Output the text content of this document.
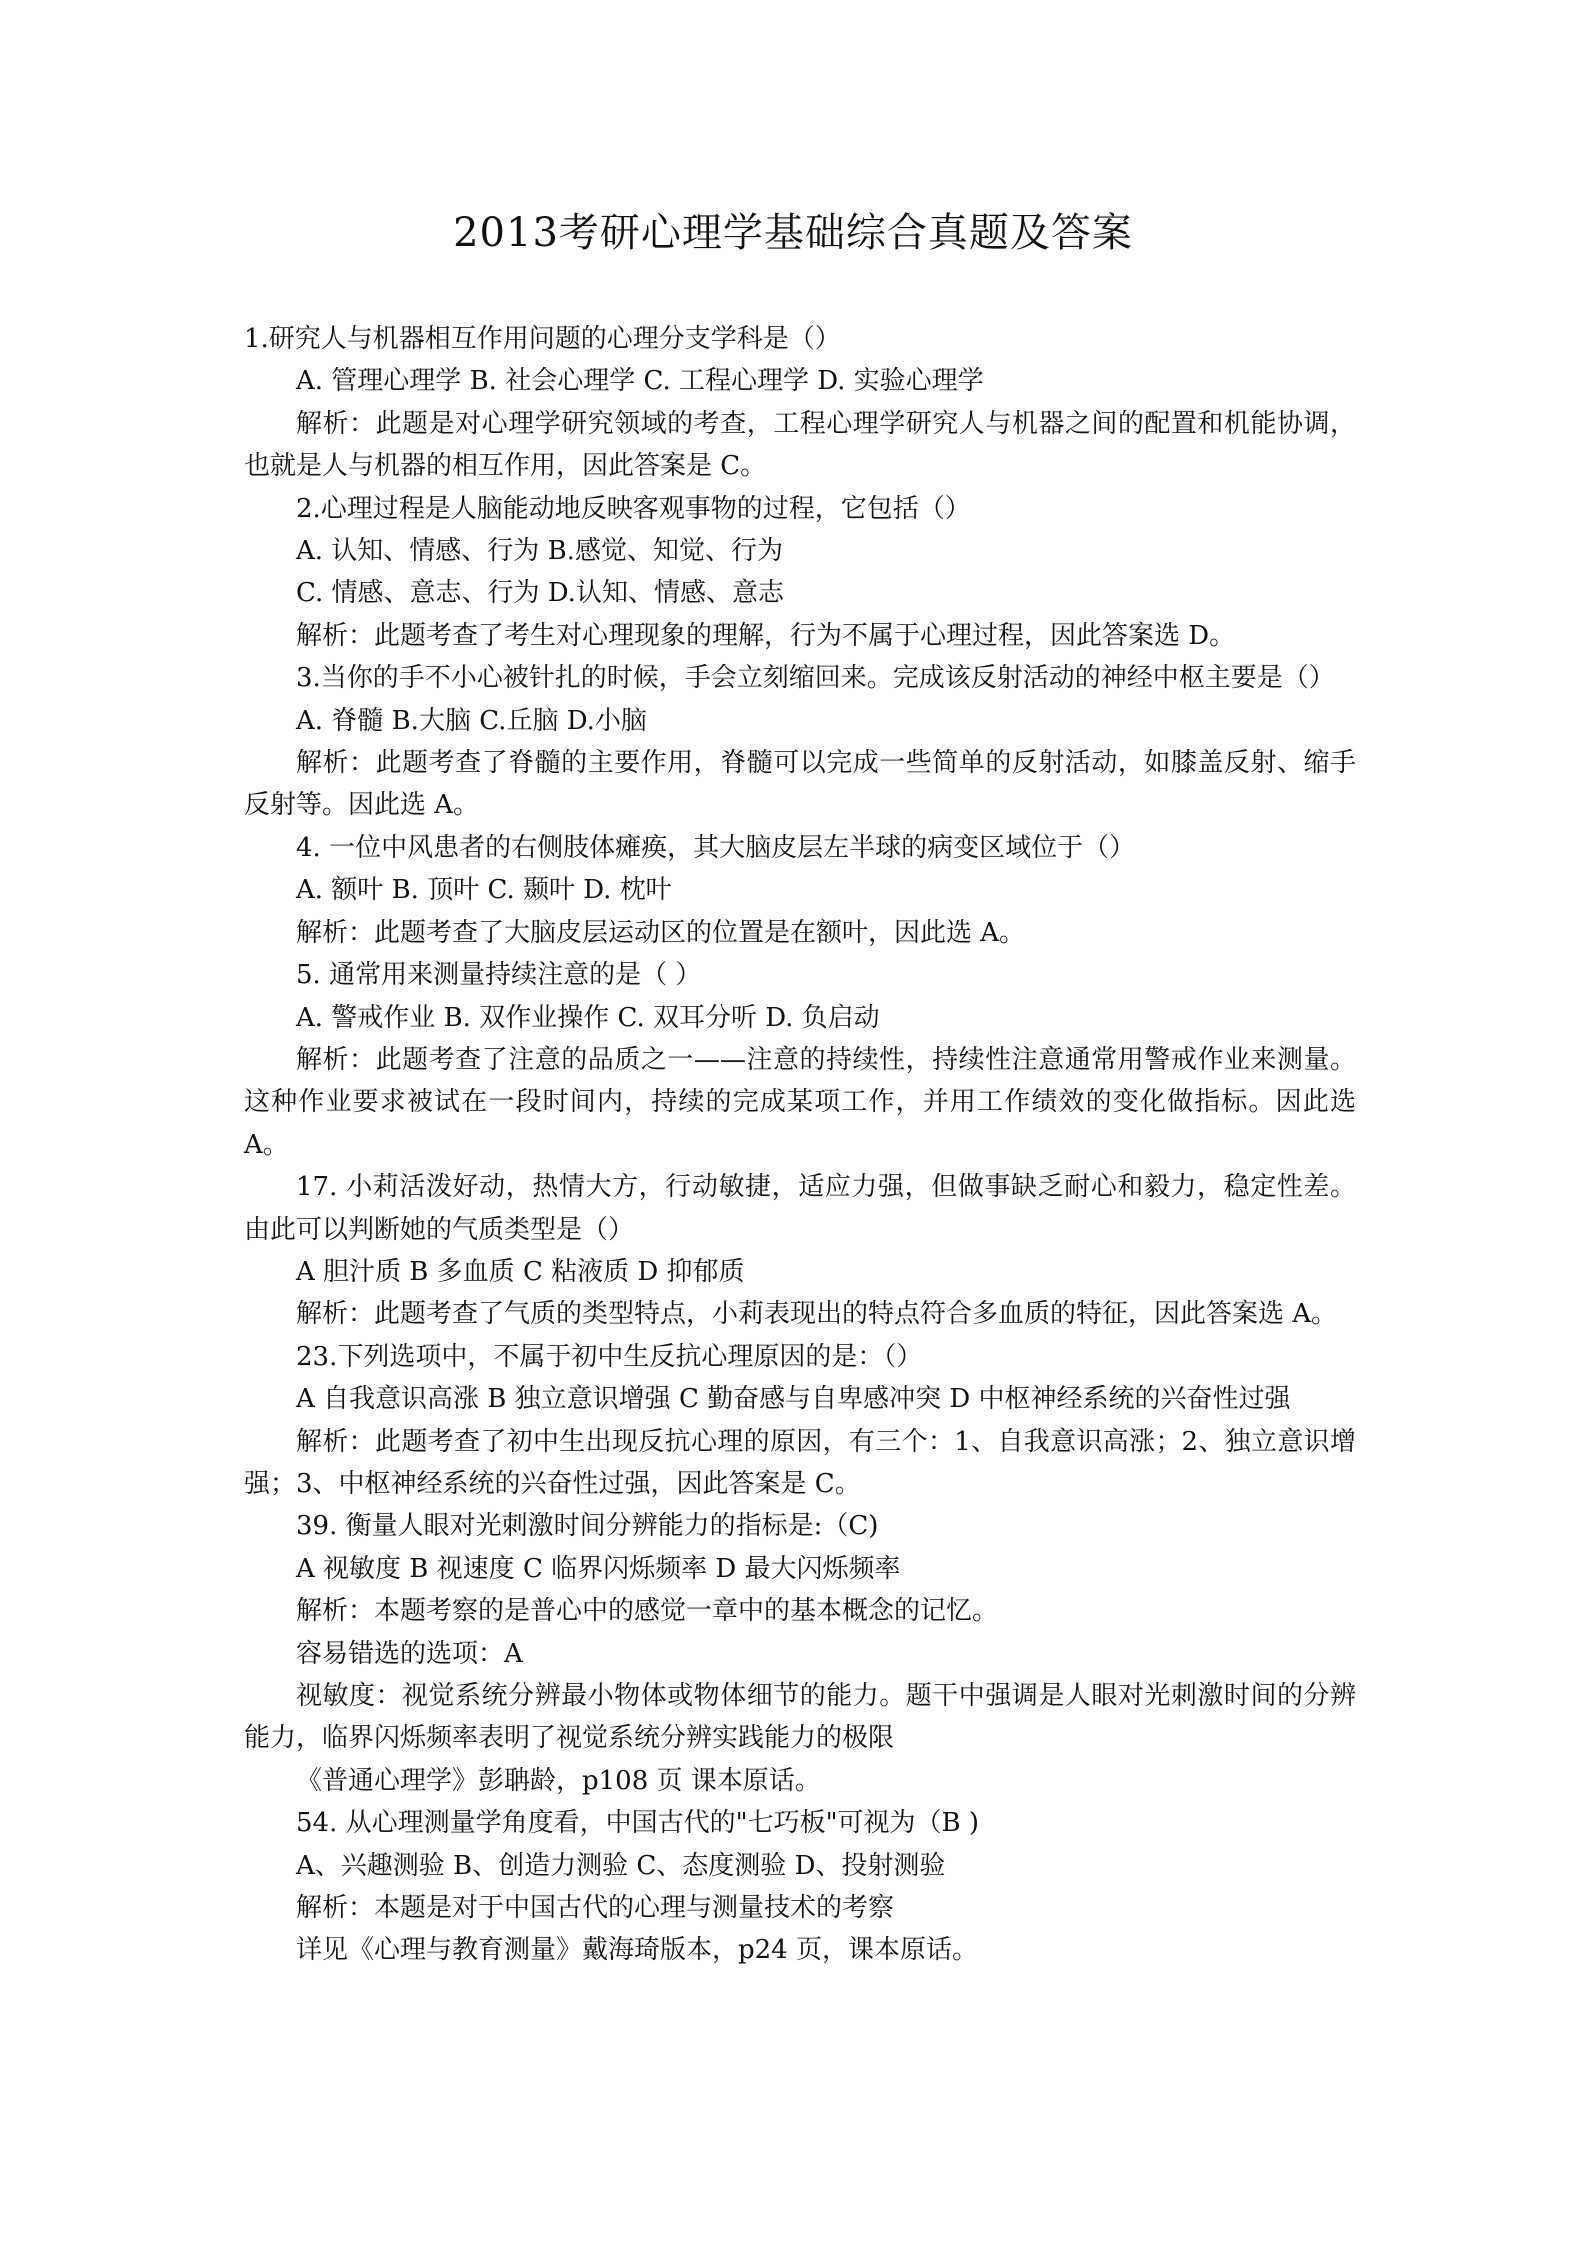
2013考研心理学基础综合真题及答案

1.研究人与机器相互作用问题的心理分支学科是（）

A. 管理心理学 B. 社会心理学 C. 工程心理学 D. 实验心理学

解析：此题是对心理学研究领域的考查，工程心理学研究人与机器之间的配置和机能协调，也就是人与机器的相互作用，因此答案是 C。

2.心理过程是人脑能动地反映客观事物的过程，它包括（）

A. 认知、情感、行为 B.感觉、知觉、行为

C. 情感、意志、行为 D.认知、情感、意志

解析：此题考查了考生对心理现象的理解，行为不属于心理过程，因此答案选 D。

3.当你的手不小心被针扎的时候，手会立刻缩回来。完成该反射活动的神经中枢主要是（）

A. 脊髓 B.大脑 C.丘脑 D.小脑

解析：此题考查了脊髓的主要作用，脊髓可以完成一些简单的反射活动，如膝盖反射、缩手反射等。因此选 A。

4. 一位中风患者的右侧肢体瘫痪，其大脑皮层左半球的病变区域位于（）

A. 额叶 B. 顶叶 C. 颞叶 D. 枕叶

解析：此题考查了大脑皮层运动区的位置是在额叶，因此选 A。

5. 通常用来测量持续注意的是（ ）

A. 警戒作业 B. 双作业操作 C. 双耳分听 D. 负启动

解析：此题考查了注意的品质之一——注意的持续性，持续性注意通常用警戒作业来测量。这种作业要求被试在一段时间内，持续的完成某项工作，并用工作绩效的变化做指标。因此选 A。

17. 小莉活泼好动，热情大方，行动敏捷，适应力强，但做事缺乏耐心和毅力，稳定性差。由此可以判断她的气质类型是（）

A 胆汁质 B 多血质 C 粘液质 D 抑郁质

解析：此题考查了气质的类型特点，小莉表现出的特点符合多血质的特征，因此答案选 A。

23.下列选项中，不属于初中生反抗心理原因的是：（）

A 自我意识高涨 B 独立意识增强 C 勤奋感与自卑感冲突 D 中枢神经系统的兴奋性过强

解析：此题考查了初中生出现反抗心理的原因，有三个：1、自我意识高涨；2、独立意识增强；3、中枢神经系统的兴奋性过强，因此答案是 C。

39. 衡量人眼对光刺激时间分辨能力的指标是:（C)

A 视敏度 B 视速度 C 临界闪烁频率 D 最大闪烁频率

解析：本题考察的是普心中的感觉一章中的基本概念的记忆。

容易错选的选项：A

视敏度：视觉系统分辨最小物体或物体细节的能力。题干中强调是人眼对光刺激时间的分辨能力，临界闪烁频率表明了视觉系统分辨实践能力的极限

《普通心理学》彭聃龄，p108 页 课本原话。

54. 从心理测量学角度看，中国古代的"七巧板"可视为（B )

A、兴趣测验 B、创造力测验 C、态度测验 D、投射测验

解析：本题是对于中国古代的心理与测量技术的考察

详见《心理与教育测量》戴海琦版本，p24 页，课本原话。
